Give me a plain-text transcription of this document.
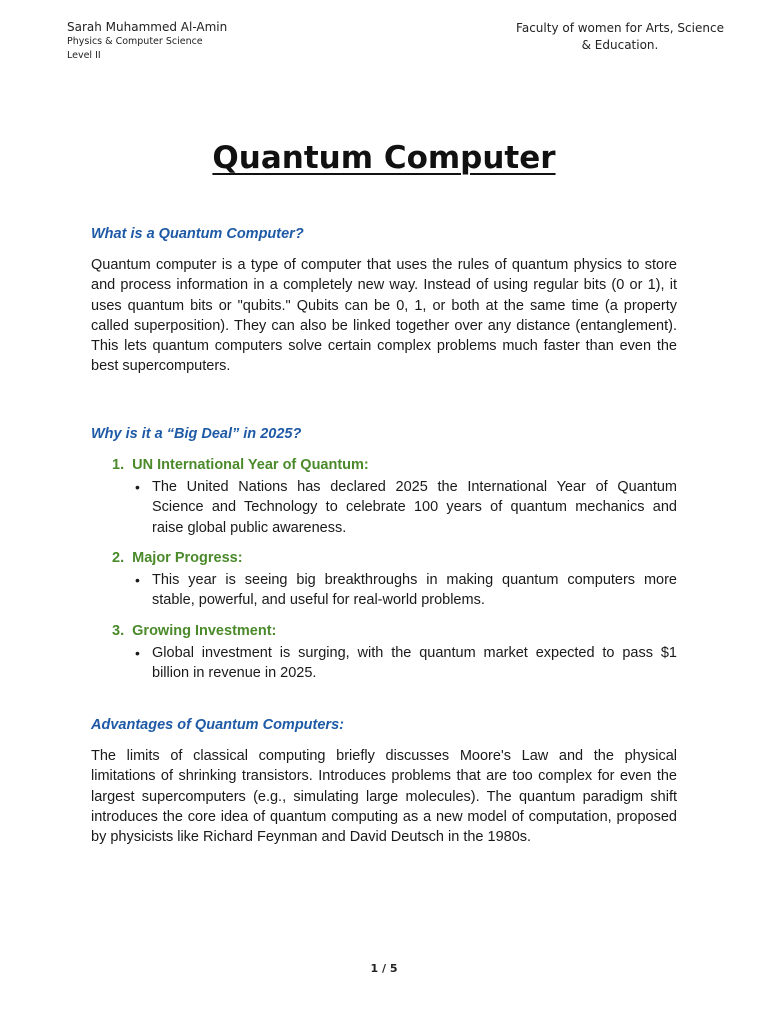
Sarah Muhammed Al-Amin
Physics & Computer Science
Level II
Faculty of women for Arts, Science
& Education.
Quantum Computer
What is a Quantum Computer?
Quantum computer is a type of computer that uses the rules of quantum physics to store
and process information in a completely new way. Instead of using regular bits (0 or 1), it
uses quantum bits or "qubits." Qubits can be 0, 1, or both at the same time (a property
called superposition). They can also be linked together over any distance (entanglement).
This lets quantum computers solve certain complex problems much faster than even the
best supercomputers.
Why is it a “Big Deal” in 2025?
1. UN International Year of Quantum:
• The United Nations has declared 2025 the International Year of Quantum
Science and Technology to celebrate 100 years of quantum mechanics and
raise global public awareness.
2. Major Progress:
• This year is seeing big breakthroughs in making quantum computers more
stable, powerful, and useful for real-world problems.
3. Growing Investment:
• Global investment is surging, with the quantum market expected to pass $1
billion in revenue in 2025.
Advantages of Quantum Computers:
The limits of classical computing briefly discusses Moore's Law and the physical
limitations of shrinking transistors. Introduces problems that are too complex for even the
largest supercomputers (e.g., simulating large molecules). The quantum paradigm shift
introduces the core idea of quantum computing as a new model of computation, proposed
by physicists like Richard Feynman and David Deutsch in the 1980s.
1 / 5
